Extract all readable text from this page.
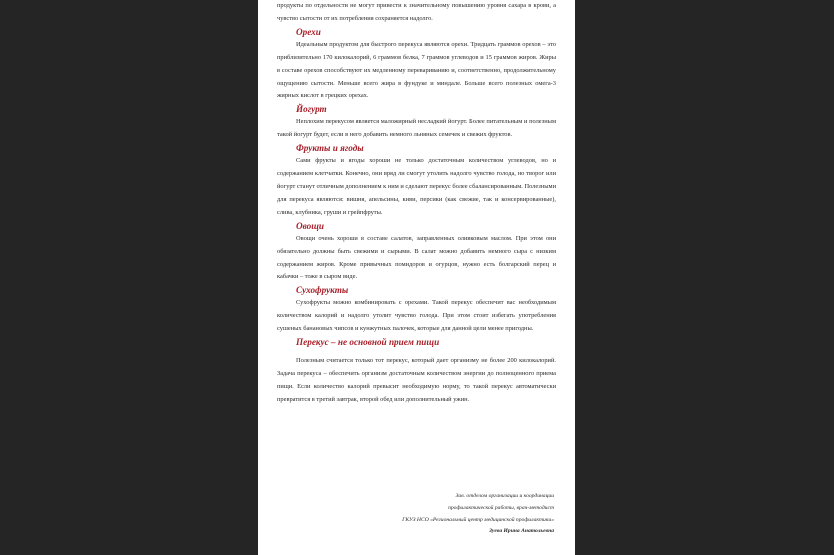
продукты по отдельности не могут привести к значительному повышению уровня сахара в крови, а чувство сытости от их потребления сохраняется надолго.

Орехи

Идеальным продуктом для быстрого перекуса являются орехи. Тридцать граммов орехов – это приблизительно 170 килокалорий, 6 граммов белка, 7 граммов углеводов и 15 граммов жиров. Жиры в составе орехов способствуют их медленному перевариванию и, соответственно, продолжительному ощущению сытости. Меньше всего жира в фундуке и миндале. Больше всего полезных омега-3 жирных кислот в грецких орехах.

Йогурт

Неплохим перекусом является маложирный несладкий йогурт. Более питательным и полезным такой йогурт будет, если в него добавить немного льняных семечек и свежих фруктов.

Фрукты и ягоды

Сами фрукты и ягоды хороши не только достаточным количеством углеводов, но и содержанием клетчатки. Конечно, они вряд ли смогут утолить надолго чувство голода, но творог или йогурт станут отличным дополнением к ним и сделают перекус более сбалансированным. Полезными для перекуса являются: вишня, апельсины, киви, персики (как свежие, так и консервированные), слива, клубника, груши и грейпфруты.

Овощи

Овощи очень хороши в составе салатов, заправленных оливковым маслом. При этом они обязательно должны быть свежими и сырыми. В салат можно добавить немного сыра с низким содержанием жиров. Кроме привычных помидоров и огурцов, нужно есть болгарский перец и кабачки – тоже в сыром виде.

Сухофрукты

Сухофрукты можно комбинировать с орехами. Такой перекус обеспечит вас необходимым количеством калорий и надолго утолит чувство голода. При этом стоит избегать употребления сушеных банановых чипсов и кунжутных палочек, которые для данной цели менее пригодны.

Перекус – не основной прием пищи

Полезным считается только тот перекус, который дает организму не более 200 килокалорий. Задача перекуса – обеспечить организм достаточным количеством энергии до полноценного приема пищи. Если количество калорий превысит необходимую норму, то такой перекус автоматически превратится в третий завтрак, второй обед или дополнительный ужин.

Зав. отделом организации и координации
профилактической работы, врач-методист
ГКУЗ НСО «Региональный центр медицинской профилактики»
Зуева Ирина Анатольевна
